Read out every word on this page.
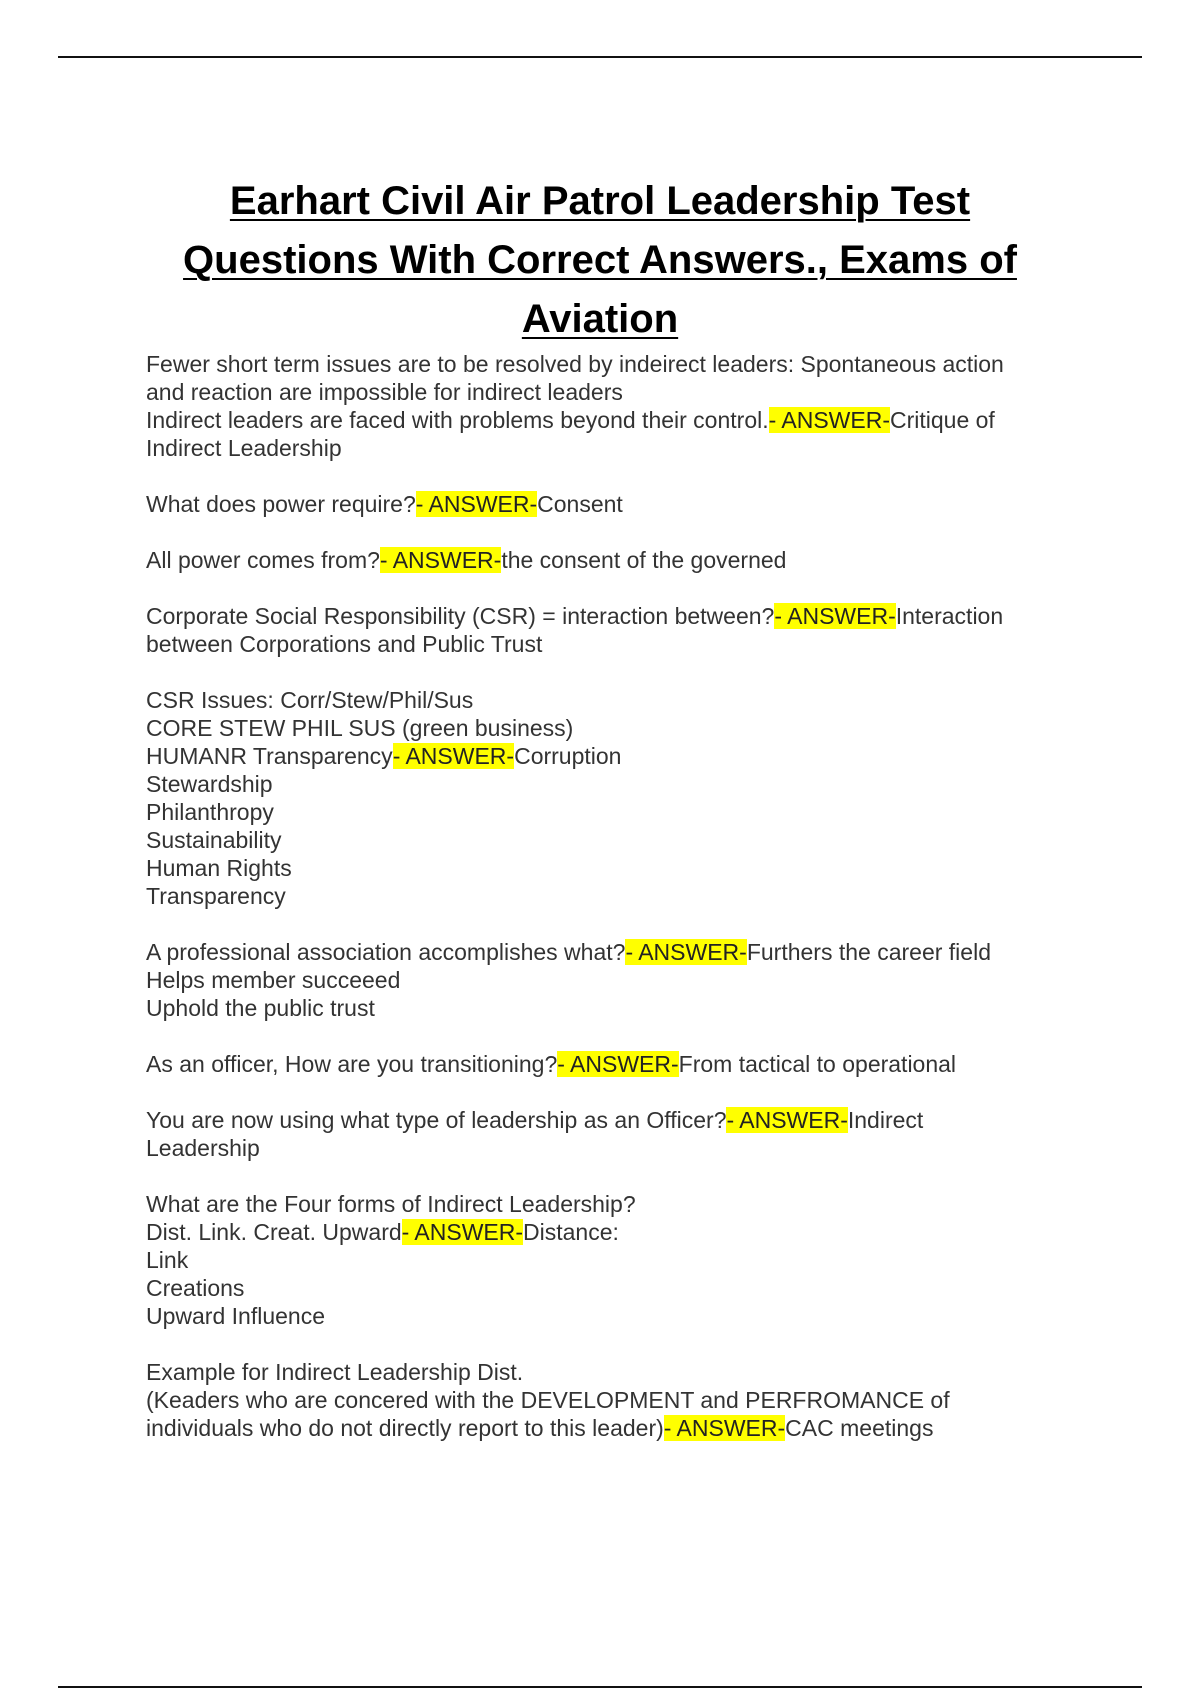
Earhart Civil Air Patrol Leadership Test
Questions With Correct Answers., Exams of
Aviation
Fewer short term issues are to be resolved by indeirect leaders: Spontaneous action
and reaction are impossible for indirect leaders
Indirect leaders are faced with problems beyond their control.- ANSWER-Critique of
Indirect Leadership
What does power require?- ANSWER-Consent
All power comes from?- ANSWER-the consent of the governed
Corporate Social Responsibility (CSR) = interaction between?- ANSWER-Interaction
between Corporations and Public Trust
CSR Issues: Corr/Stew/Phil/Sus
CORE STEW PHIL SUS (green business)
HUMANR Transparency- ANSWER-Corruption
Stewardship
Philanthropy
Sustainability
Human Rights
Transparency
A professional association accomplishes what?- ANSWER-Furthers the career field
Helps member succeeed
Uphold the public trust
As an officer, How are you transitioning?- ANSWER-From tactical to operational
You are now using what type of leadership as an Officer?- ANSWER-Indirect
Leadership
What are the Four forms of Indirect Leadership?
Dist. Link. Creat. Upward- ANSWER-Distance:
Link
Creations
Upward Influence
Example for Indirect Leadership Dist.
(Keaders who are concered with the DEVELOPMENT and PERFROMANCE of
individuals who do not directly report to this leader)- ANSWER-CAC meetings
